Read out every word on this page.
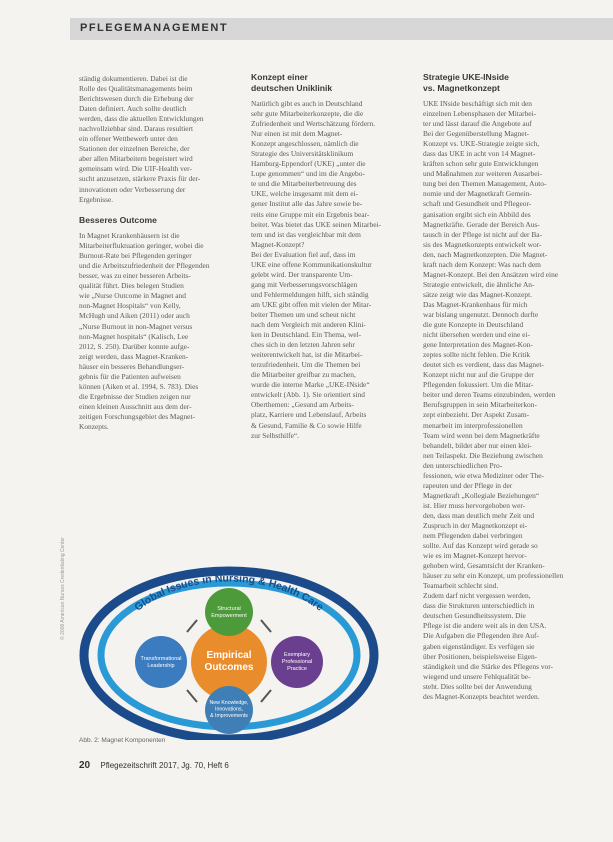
PFLEGEMANAGEMENT

ständig dokumentieren. Dabei ist die

Rolle des Qualitätsmanagements beim

Berichtswesen durch die Erhebung der

Daten definiert. Auch sollte deutlich

werden, dass die aktuellen Entwicklungen

nachvollziehbar sind. Daraus resultiert

ein offener Wettbewerb unter den

Stationen der einzelnen Bereiche, der

aber allen Mitarbeitern begeistert wird

gemeinsam wird. Die UIF-Health ver-

sucht anzusetzen, stärkere Praxis für der-

innovationen oder Verbesserung der

Ergebnisse.

Besseres Outcome

In Magnet Krankenhäusern ist die

Mitarbeiterfluktuation geringer, wobei die

Burnout-Rate bei Pflegenden geringer

und die Arbeitszufriedenheit der Pflegenden

besser, was zu einer besseren Arbeits-

qualität führt. Dies belegen Studien

wie „Nurse Outcome in Magnet and

non-Magnet Hospitals“ von Kelly,

McHugh und Aiken (2011) oder auch

„Nurse Burnout in non-Magnet versus

non-Magnet hospitals“ (Kalisch, Lee

2012, S. 250). Darüber konnte aufge-

zeigt werden, dass Magnet-Kranken-

häuser ein besseres Behandlungser-

gebnis für die Patienten aufweisen

können (Aiken et al. 1994, S. 783). Dies

die Ergebnisse der Studien zeigen nur

einen kleinen Ausschnitt aus dem der-

zeitigen Forschungsgebiet des Magnet-

Konzepts.

Konzept einer
deutschen Uniklinik

Natürlich gibt es auch in Deutschland

sehr gute Mitarbeiterkonzepte, die die

Zufriedenheit und Wertschätzung fördern.

Nur einen ist mit dem Magnet-

Konzept angeschlossen, nämlich die

Strategie des Universitätsklinikum

Hamburg-Eppendorf (UKE) „unter die

Lupe genommen“ und im die Angebo-

te und die Mitarbeiterbetreuung des

UKE, welche insgesamt mit dem ei-

gener Institut alle das Jahre sowie be-

reits eine Gruppe mit ein Ergebnis bear-

beitet. Was bietet das UKE seinen Mitarbei-

tern und ist das vergleichbar mit dem

Magnet-Konzept?

Bei der Evaluation fiel auf, dass im

UKE eine offene Kommunikationskultur

gelebt wird. Der transparente Um-

gang mit Verbesserungsvorschlägen

und Fehlermeldungen hilft, sich ständig

am UKE gibt offen mit vielen der Mitar-

beiter Themen um und scheut nicht

nach dem Vergleich mit anderen Klini-

ken in Deutschland. Ein Thema, wel-

ches sich in den letzten Jahren sehr

weiterentwickelt hat, ist die Mitarbei-

terzufriedenheit. Um die Themen bei

die Mitarbeiter greifbar zu machen,

wurde die interne Marke „UKE-INside“

entwickelt (Abb. 1). Sie orientiert sind

Oberthemen: „Gesund am Arbeits-

platz, Karriere und Lebenslauf, Arbeits

& Gesund, Familie & Co sowie Hilfe

zur Selbsthilfe“.

Strategie UKE-INside
vs. Magnetkonzept

UKE INside beschäftigt sich mit den

einzelnen Lebensphasen der Mitarbei-

ter und lässt darauf die Angebote auf

Bei der Gegenüberstellung Magnet-

Konzept vs. UKE-Strategie zeigte sich,

dass das UKE in acht von 14 Magnet-

kräften schon sehr gute Entwicklungen

und Maßnahmen zur weiteren Ausarbei-

tung bei den Themen Management, Auto-

nomie und der Magnetkraft Gemein-

schaft und Gesundheit und Pflegeor-

ganisation ergibt sich ein Abbild des

Magnetkräfte. Gerade der Bereich Aus-

tausch in der Pflege ist nicht auf der Ba-

sis des Magnetkonzepts entwickelt wor-

den, nach Magnetkonzepten. Die Magnet-

kraft nach dem Konzept: Was nach dem

Magnet-Konzept. Bei den Ansätzen wird eine

Strategie entwickelt, die ähnliche An-

sätze zeigt wie das Magnet-Konzept.

Das Magnet-Krankenhaus für mich

war bislang ungenutzt. Dennoch durfte

die gute Konzepte in Deutschland

nicht übersehen werden und eine ei-

gene Interpretation des Magnet-Kon-

zeptes sollte nicht fehlen. Die Kritik

deutet sich es verdient, dass das Magnet-

Konzept nicht nur auf die Gruppe der

Pflegenden fokussiert. Um die Mitar-

beiter und deren Teams einzubinden, werden

Berufsgruppen in sein Mitarbeiterkon-

zept einbezieht. Der Aspekt Zusam-

menarbeit im interprofessionellen

Team wird wenn bei dem Magnetkräfte

behandelt, bildet aber nur einen klei-

nen Teilaspekt. Die Beziehung zwischen

den unterschiedlichen Pro-

fessionen, wie etwa Mediziner oder The-

rapeuten und der Pflege in der

Magnetkraft „Kollegiale Beziehungen“

ist. Hier muss hervorgehoben wer-

den, dass man deutlich mehr Zeit und

Zuspruch in der Magnetkonzept ei-

nem Pflegenden dabei verbringen

sollte. Auf das Konzept wird gerade so

wie es im Magnet-Konzept hervor-

gehoben wird, Gesamtsicht der Kranken-

häuser zu sehr ein Konzept, um professionellen

Teamarbeit schlecht sind.

Zudem darf nicht vergessen werden,

dass die Strukturen unterschiedlich in

deutschen Gesundheitssystem. Die

Pflege ist die andere weit als in den USA.

Die Aufgaben die Pflegenden ihre Auf-

gaben eigenständiger. Es verfügen sie

über Positionen, beispielsweise Eigen-

ständigkeit und die Stärke des Pflegens vor-

wiegend und unsere Fehlqualität be-

steht. Dies sollte bei der Anwendung

des Magnet-Konzepts beachtet werden.

Global Issues in Nursing & Health Care
Empirical Outcomes
Structural Empowerment
Transformational Leadership
Exemplary Professional Practice
New Knowledge, Innovations, & Improvements
© 2008 American Nurses Credentialing Center
Abb. 2: Magnet Komponenten
20 Pflegezeitschrift 2017, Jg. 70, Heft 6
